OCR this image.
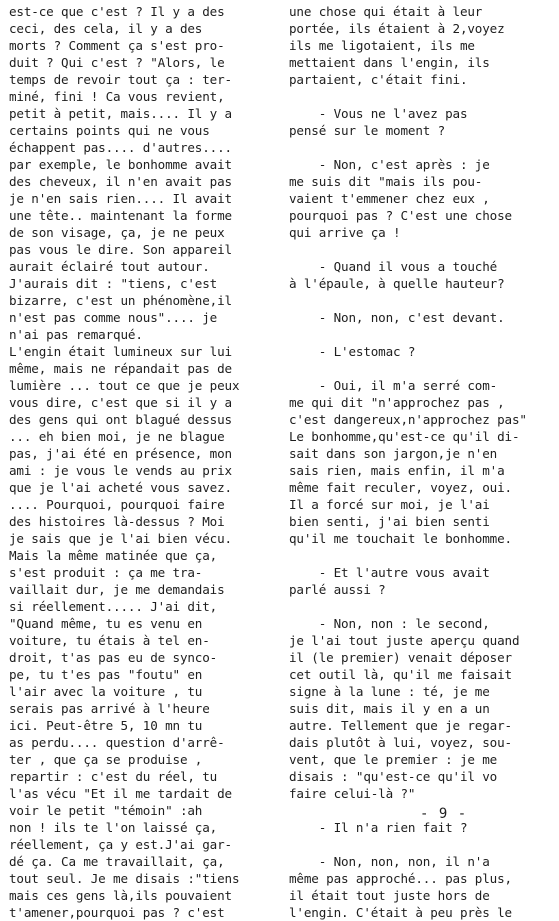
est-ce que c'est ? Il y a des
ceci, des cela, il y a des
morts ? Comment ça s'est pro-
duit ? Qui c'est ? "Alors, le
temps de revoir tout ça : ter-
miné, fini ! Ca vous revient,
petit à petit, mais.... Il y a
certains points qui ne vous
échappent pas.... d'autres....
par exemple, le bonhomme avait
des cheveux, il n'en avait pas
je n'en sais rien.... Il avait
une tête.. maintenant la forme
de son visage, ça, je ne peux
pas vous le dire. Son appareil
aurait éclairé tout autour.
J'aurais dit : "tiens, c'est
bizarre, c'est un phénomène,il
n'est pas comme nous".... je
n'ai pas remarqué.
L'engin était lumineux sur lui
même, mais ne répandait pas de
lumière ... tout ce que je peux
vous dire, c'est que si il y a
des gens qui ont blagué dessus
... eh bien moi, je ne blague
pas, j'ai été en présence, mon
ami : je vous le vends au prix
que je l'ai acheté vous savez.
.... Pourquoi, pourquoi faire
des histoires là-dessus ? Moi
je sais que je l'ai bien vécu.
Mais la même matinée que ça,
s'est produit : ça me tra-
vaillait dur, je me demandais
si réellement..... J'ai dit,
"Quand même, tu es venu en
voiture, tu étais à tel en-
droit, t'as pas eu de synco-
pe, tu t'es pas "foutu" en
l'air avec la voiture , tu
serais pas arrivé à l'heure
ici. Peut-être 5, 10 mn tu
as perdu.... question d'arrê-
ter , que ça se produise ,
repartir : c'est du réel, tu
l'as vécu "Et il me tardait de
voir le petit "témoin" :ah
non ! ils te l'on laissé ça,
réellement, ça y est.J'ai gar-
dé ça. Ca me travaillait, ça,
tout seul. Je me disais :"tiens
mais ces gens là,ils pouvaient
t'amener,pourquoi pas ? c'est
une chose qui était à leur
portée, ils étaient à 2,voyez
ils me ligotaient, ils me
mettaient dans l'engin, ils
partaient, c'était fini.

- Vous ne l'avez pas
pensé sur le moment ?

- Non, c'est après : je
me suis dit "mais ils pou-
vaient t'emmener chez eux ,
pourquoi pas ? C'est une chose
qui arrive ça !

- Quand il vous a touché
à l'épaule, à quelle hauteur?

- Non, non, c'est devant.

- L'estomac ?

- Oui, il m'a serré com-
me qui dit "n'approchez pas ,
c'est dangereux,n'approchez pas"
Le bonhomme,qu'est-ce qu'il di-
sait dans son jargon,je n'en
sais rien, mais enfin, il m'a
même fait reculer, voyez, oui.
Il a forcé sur moi, je l'ai
bien senti, j'ai bien senti
qu'il me touchait le bonhomme.

- Et l'autre vous avait
parlé aussi ?

- Non, non : le second,
je l'ai tout juste aperçu quand
il (le premier) venait déposer
cet outil là, qu'il me faisait
signe à la lune : té, je me
suis dit, mais il y en a un
autre. Tellement que je regar-
dais plutôt à lui, voyez, sou-
vent, que le premier : je me
disais : "qu'est-ce qu'il vo
faire celui-là ?"

- Il n'a rien fait ?

- Non, non, non, il n'a
même pas approché... pas plus,
il était tout juste hors de
l'engin. C'était à peu près le
- 9 -
